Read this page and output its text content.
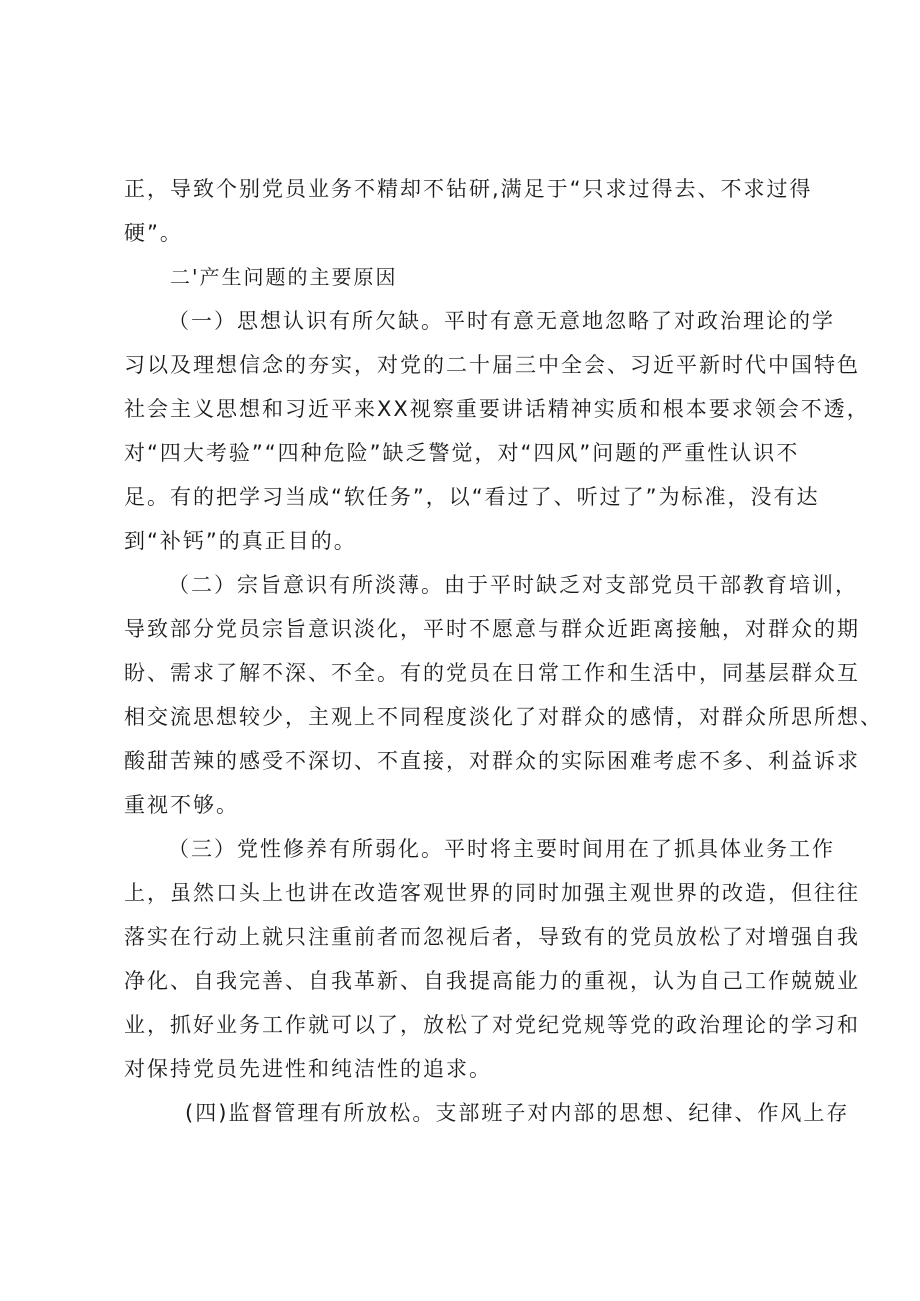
正，导致个别党员业务不精却不钻研,满足于“只求过得去、不求过得
硬”。
二'产生问题的主要原因
（一）思想认识有所欠缺。平时有意无意地忽略了对政治理论的学
习以及理想信念的夯实，对党的二十届三中全会、习近平新时代中国特色
社会主义思想和习近平来XX视察重要讲话精神实质和根本要求领会不透，
对“四大考验”“四种危险”缺乏警觉，对“四风”问题的严重性认识不
足。有的把学习当成“软任务”，以“看过了、听过了”为标准，没有达
到“补钙”的真正目的。
（二）宗旨意识有所淡薄。由于平时缺乏对支部党员干部教育培训，
导致部分党员宗旨意识淡化，平时不愿意与群众近距离接触，对群众的期
盼、需求了解不深、不全。有的党员在日常工作和生活中，同基层群众互
相交流思想较少，主观上不同程度淡化了对群众的感情，对群众所思所想、
酸甜苦辣的感受不深切、不直接，对群众的实际困难考虑不多、利益诉求
重视不够。
（三）党性修养有所弱化。平时将主要时间用在了抓具体业务工作
上，虽然口头上也讲在改造客观世界的同时加强主观世界的改造，但往往
落实在行动上就只注重前者而忽视后者，导致有的党员放松了对增强自我
净化、自我完善、自我革新、自我提高能力的重视，认为自己工作兢兢业
业，抓好业务工作就可以了，放松了对党纪党规等党的政治理论的学习和
对保持党员先进性和纯洁性的追求。
(四)监督管理有所放松。支部班子对内部的思想、纪律、作风上存
